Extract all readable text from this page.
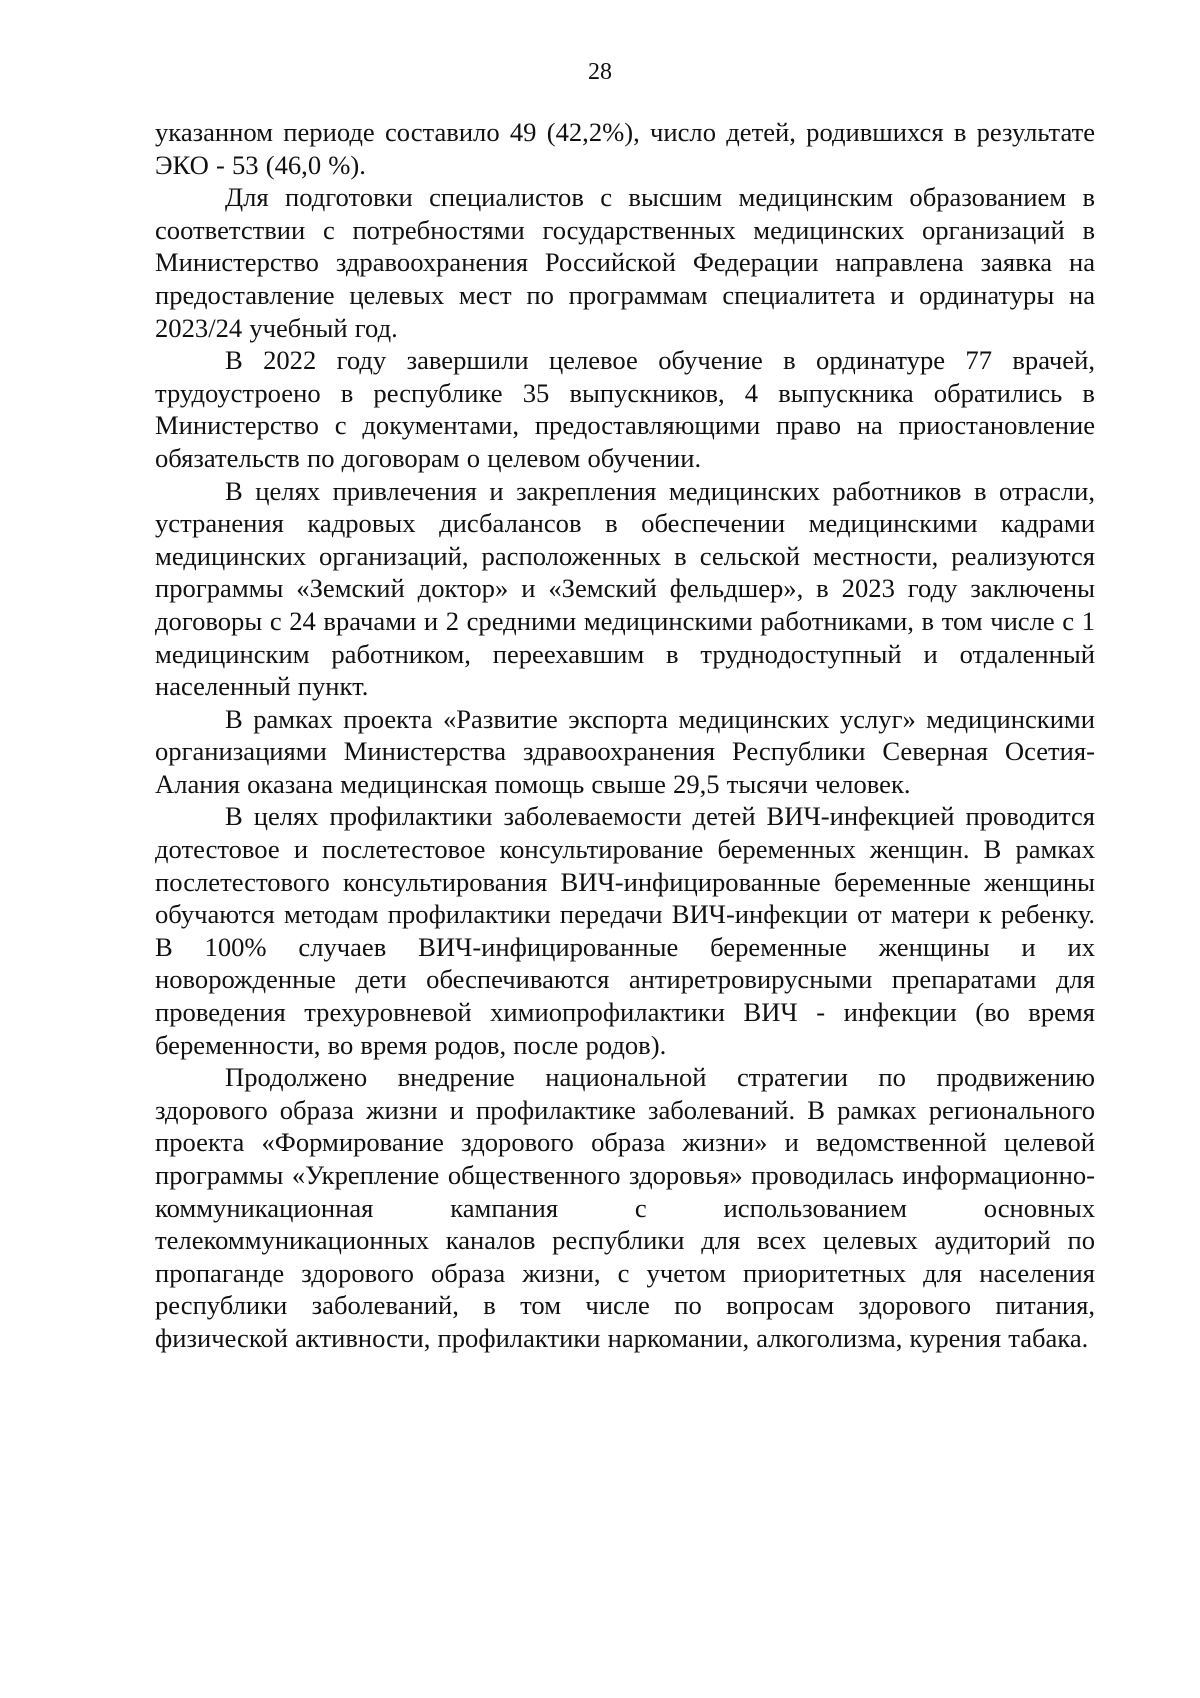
28

указанном периоде составило 49 (42,2%), число детей, родившихся в результате ЭКО - 53 (46,0 %).

Для подготовки специалистов с высшим медицинским образованием в соответствии с потребностями государственных медицинских организаций в Министерство здравоохранения Российской Федерации направлена заявка на предоставление целевых мест по программам специалитета и ординатуры на 2023/24 учебный год.

В 2022 году завершили целевое обучение в ординатуре 77 врачей, трудоустроено в республике 35 выпускников, 4 выпускника обратились в Министерство с документами, предоставляющими право на приостановление обязательств по договорам о целевом обучении.

В целях привлечения и закрепления медицинских работников в отрасли, устранения кадровых дисбалансов в обеспечении медицинскими кадрами медицинских организаций, расположенных в сельской местности, реализуются программы «Земский доктор» и «Земский фельдшер», в 2023 году заключены договоры с 24 врачами и 2 средними медицинскими работниками, в том числе с 1 медицинским работником, переехавшим в труднодоступный и отдаленный населенный пункт.

В рамках проекта «Развитие экспорта медицинских услуг» медицинскими организациями Министерства здравоохранения Республики Северная Осетия-Алания оказана медицинская помощь свыше 29,5 тысячи человек.

В целях профилактики заболеваемости детей ВИЧ-инфекцией проводится дотестовое и послетестовое консультирование беременных женщин. В рамках послетестового консультирования ВИЧ-инфицированные беременные женщины обучаются методам профилактики передачи ВИЧ-инфекции от матери к ребенку. В 100% случаев ВИЧ-инфицированные беременные женщины и их новорожденные дети обеспечиваются антиретровирусными препаратами для проведения трехуровневой химиопрофилактики ВИЧ - инфекции (во время беременности, во время родов, после родов).

Продолжено внедрение национальной стратегии по продвижению здорового образа жизни и профилактике заболеваний. В рамках регионального проекта «Формирование здорового образа жизни» и ведомственной целевой программы «Укрепление общественного здоровья» проводилась информационно-коммуникационная кампания с использованием основных телекоммуникационных каналов республики для всех целевых аудиторий по пропаганде здорового образа жизни, с учетом приоритетных для населения республики заболеваний, в том числе по вопросам здорового питания, физической активности, профилактики наркомании, алкоголизма, курения табака.
